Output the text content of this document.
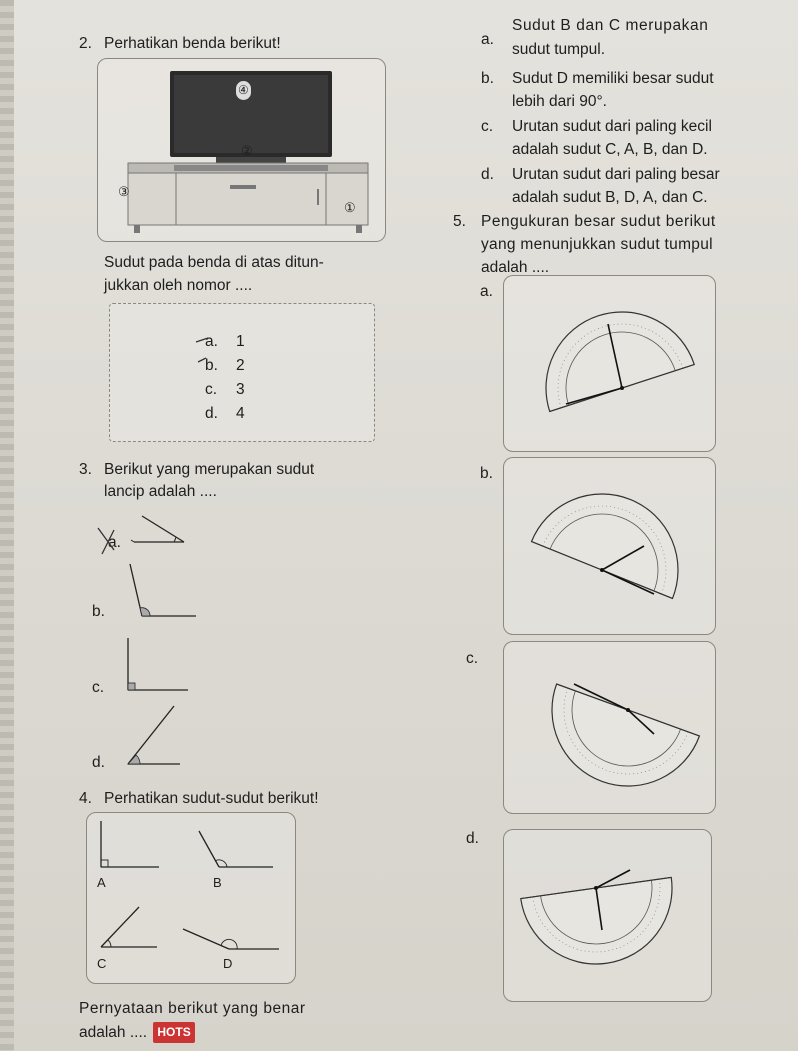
2. Perhatikan benda berikut!
②
③
①
④
Sudut pada benda di atas ditun-
jukkan oleh nomor ....
a. 1
b. 2
c. 3
d. 4
3. Berikut yang merupakan sudut
lancip adalah ....
a.
b.
c.
d.
4. Perhatikan sudut-sudut berikut!
A	B
C	D
Pernyataan berikut yang benar
adalah .... HOTS
a.
Sudut B dan C merupakan
sudut tumpul.
b. Sudut D memiliki besar sudut
lebih dari 90°.
c. Urutan sudut dari paling kecil
adalah sudut C, A, B, dan D.
d. Urutan sudut dari paling besar
adalah sudut B, D, A, dan C.
5. Pengukuran besar sudut berikut
yang menunjukkan sudut tumpul
adalah ....
a.
b.
c.
d.
